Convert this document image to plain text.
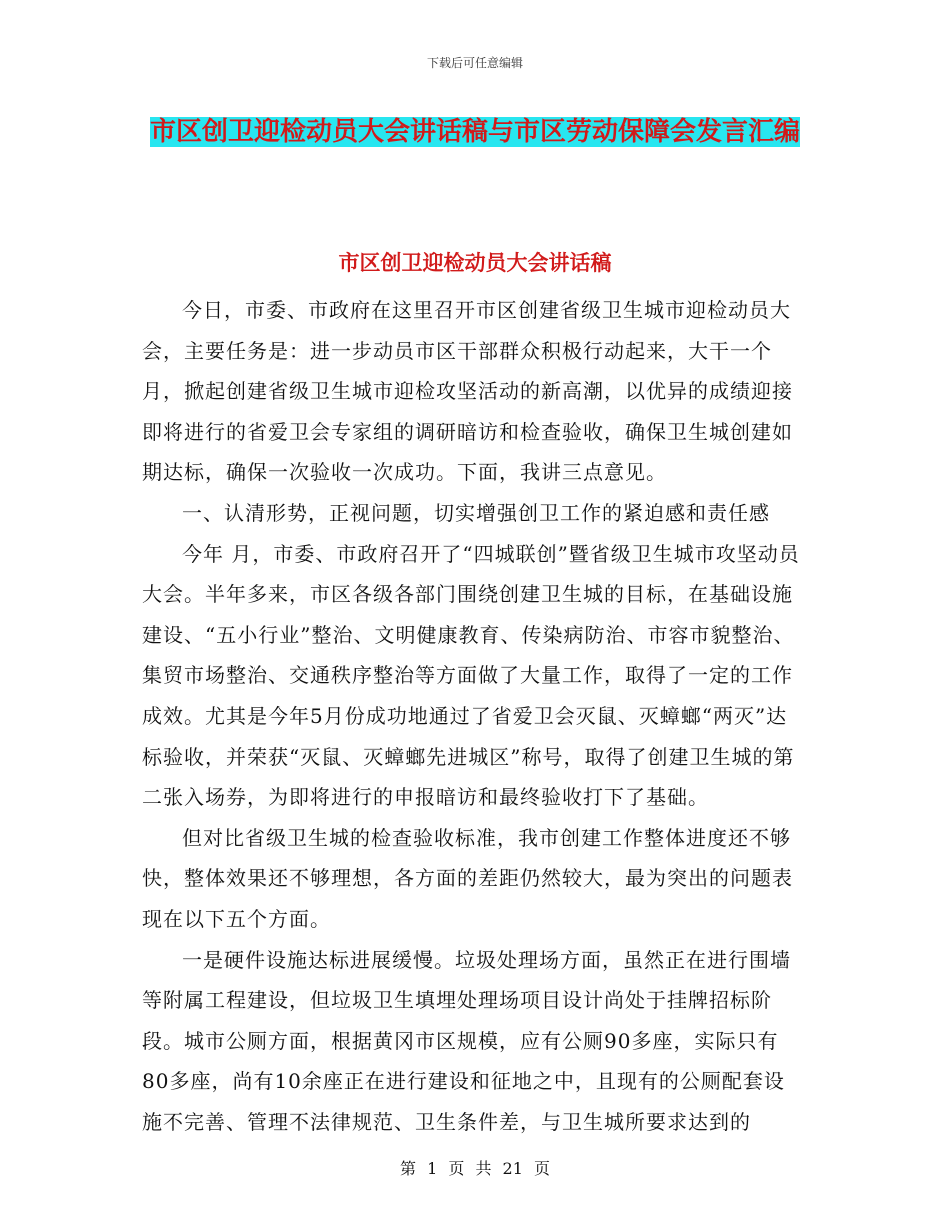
下载后可任意编辑
市区创卫迎检动员大会讲话稿与市区劳动保障会发言汇编
市区创卫迎检动员大会讲话稿

今日，市委、市政府在这里召开市区创建省级卫生城市迎检动员大会，主要任务是：进一步动员市区干部群众积极行动起来，大干一个月，掀起创建省级卫生城市迎检攻坚活动的新高潮，以优异的成绩迎接即将进行的省爱卫会专家组的调研暗访和检查验收，确保卫生城创建如期达标，确保一次验收一次成功。下面，我讲三点意见。

一、认清形势，正视问题，切实增强创卫工作的紧迫感和责任感

今年 月，市委、市政府召开了“四城联创”暨省级卫生城市攻坚动员大会。半年多来，市区各级各部门围绕创建卫生城的目标，在基础设施建设、“五小行业”整治、文明健康教育、传染病防治、市容市貌整治、集贸市场整治、交通秩序整治等方面做了大量工作，取得了一定的工作成效。尤其是今年5月份成功地通过了省爱卫会灭鼠、灭蟑螂“两灭”达标验收，并荣获“灭鼠、灭蟑螂先进城区”称号，取得了创建卫生城的第二张入场券，为即将进行的申报暗访和最终验收打下了基础。

但对比省级卫生城的检查验收标准，我市创建工作整体进度还不够快，整体效果还不够理想，各方面的差距仍然较大，最为突出的问题表现在以下五个方面。

一是硬件设施达标进展缓慢。垃圾处理场方面，虽然正在进行围墙等附属工程建设，但垃圾卫生填埋处理场项目设计尚处于挂牌招标阶段。城市公厕方面，根据黄冈市区规模，应有公厕90多座，实际只有80多座，尚有10余座正在进行建设和征地之中，且现有的公厕配套设施不完善、管理不法律规范、卫生条件差，与卫生城所要求达到的

第 1 页 共 21 页
